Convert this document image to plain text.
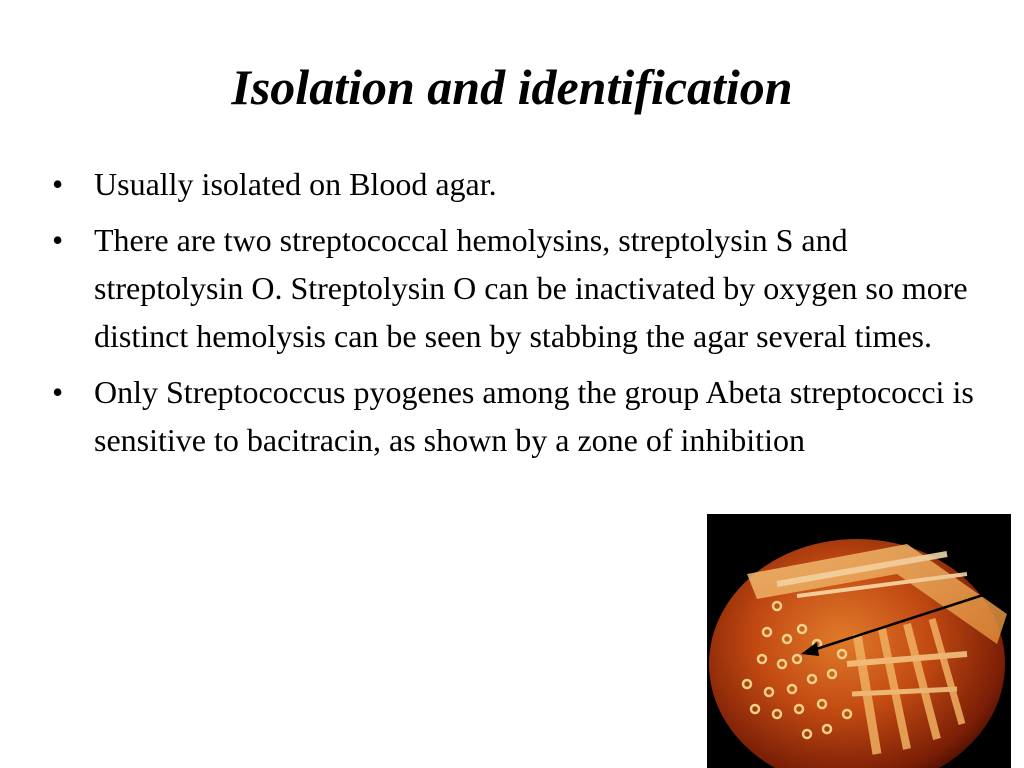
Isolation and identification
• Usually isolated on Blood agar.
• There are two streptococcal hemolysins, streptolysin S and streptolysin O. Streptolysin O can be inactivated by oxygen so more distinct hemolysis can be seen by stabbing the agar several times.
• Only Streptococcus pyogenes among the group Abeta streptococci is sensitive to bacitracin, as shown by a zone of inhibition
